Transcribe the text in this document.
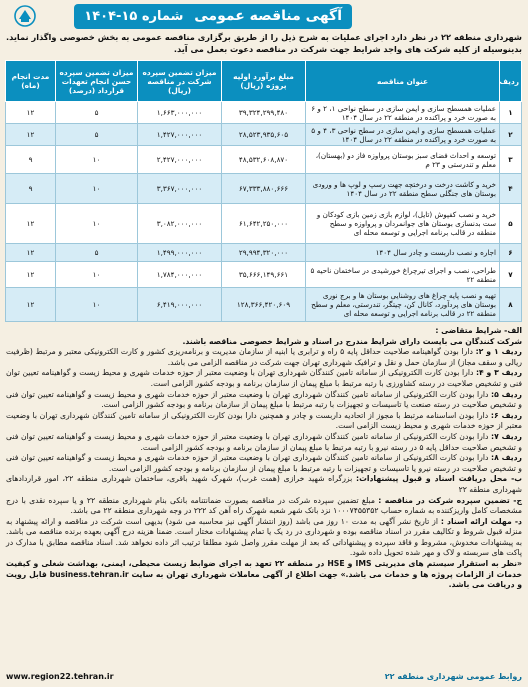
آگهی مناقصه عمومی شماره ۱۵-۱۴۰۴
شهرداری منطقه ۲۲ در نظر دارد اجرای عملیات به شرح ذیل را از طریق برگزاری مناقصه عمومی به بخش خصوصی واگذار نماید. بدینوسیله از کلیه شرکت های واجد شرایط جهت شرکت در مناقصه دعوت بعمل می آید.
ردیف	عنوان مناقصه	مبلغ برآورد اولیه پروژه (ریال)	میزان تضمین سپرده شرکت در مناقصه (ریال)	میزان تضمین سپرده حسن انجام تعهدات قرارداد (درصد)	مدت انجام (ماه)
۱	عملیات همسطح سازی و ایمن سازی در سطح نواحی ۱، ۲ و ۶ به صورت خرد و پراکنده در منطقه ۲۲ در سال ۱۴۰۴	۳۹,۳۲۴,۲۹۹,۴۸۰	۱,۶۶۳,۰۰۰,۰۰۰	۵	۱۲
۲	عملیات همسطح سازی و ایمن سازی در سطح نواحی ۳، ۴ و ۵ به صورت خرد و پراکنده در منطقه ۲۲ در سال ۱۴۰۴	۲۸,۵۲۳,۹۳۵,۶۰۵	۱,۴۲۷,۰۰۰,۰۰۰	۵	۱۲
۳	توسعه و احداث فضای سبز بوستان پرواوزه فاز دو (بهستان)، معلم و تندرستی و ۲۳ م	۴۸,۵۳۲,۶۰۸,۸۷۰	۲,۴۲۷,۰۰۰,۰۰۰	۱۰	۹
۴	خرید و کاشت درخت و درختچه جهت رسپ و لوپ ها و ورودی بوستان های جنگلی سطح منطقه ۲۲ در سال ۱۴۰۴	۶۷,۳۳۳,۸۸۰,۶۶۶	۳,۳۶۷,۰۰۰,۰۰۰	۱۰	۹
۵	خرید و نصب کفپوش (تایل)، لوازم بازی زمین بازی کودکان و ست بدنسازی بوستان های جوانمردان و پرواوزه و سطح منطقه در قالب برنامه اجرایی و توسعه محله ای	۶۱,۶۴۲,۲۵۰,۰۰۰	۳,۰۸۲,۰۰۰,۰۰۰	۱۰	۱۲
۶	اجاره و نصب داربست و چادر سال ۱۴۰۴	۲۹,۹۹۴,۳۲۰,۰۰۰	۱,۴۹۹,۰۰۰,۰۰۰	۵	۱۲
۷	طراحی، نصب و اجرای تیرچراغ خورشیدی در ساختمان ناحیه ۵ منطقه ۲۲	۳۵,۶۶۶,۱۴۹,۶۶۱	۱,۷۸۴,۰۰۰,۰۰۰	۱۰	۱۲
۸	تهیه و نصب پایه چراغ های روشنایی بوستان ها و برج نوری بوستان های پردآورد، کانال کن، چیتگر، تندرستی، معلم و سطح منطقه ۲۲ در قالب برنامه اجرایی و توسعه محله ای	۱۲۸,۳۶۶,۴۲۰,۶۰۹	۶,۴۱۹,۰۰۰,۰۰۰	۱۰	۱۲

الف- شرایط متقاضی :

شرکت کنندگان می بایست دارای شرایط مندرج در اسناد و شرایط خصوصی مناقصه باشند.

ردیف ۱ و ۲: دارا بودن گواهینامه صلاحیت حداقل پایه ۵ راه و ترابری یا ابنیه از سازمان مدیریت و برنامه‌ریزی کشور و کارت الکترونیکی معتبر و مرتبط (ظرفیت ریالی و سقف مجاز) از سازمان حمل و نقل و ترافیک شهرداری تهران جهت شرکت در مناقصه الزامی می باشد.

ردیف ۳ و ۴: دارا بودن کارت الکترونیکی از سامانه تامین کنندگان شهرداری تهران با وضعیت معتبر از حوزه خدمات شهری و محیط زیست و گواهینامه تعیین توان فنی و تشخیص صلاحیت در رسته کشاورزی با رتبه مرتبط با مبلغ پیمان از سازمان برنامه و بودجه کشور الزامی است.

ردیف ۵: دارا بودن کارت الکترونیکی از سامانه تامین کنندگان شهرداری تهران با وضعیت معتبر از حوزه خدمات شهری و محیط زیست و گواهینامه تعیین توان فنی و تشخیص صلاحیت در رسته صنعت یا تاسیسات و تجهیزات با رتبه مرتبط با مبلغ پیمان از سازمان برنامه و بودجه کشور الزامی است.

ردیف ۶: دارا بودن اساسنامه مرتبط با مجوز از اتحادیه داربست و چادر و همچنین دارا بودن کارت الکترونیکی از سامانه تامین کنندگان شهرداری تهران با وضعیت معتبر از حوزه خدمات شهری و محیط زیست الزامی است.

ردیف ۷: دارا بودن کارت الکترونیکی از سامانه تامین کنندگان شهرداری تهران با وضعیت معتبر از حوزه خدمات شهری و محیط زیست و گواهینامه تعیین توان فنی و تشخیص صلاحیت حداقل پایه ۵ در رسته نیرو با رتبه مرتبط با مبلغ پیمان از سازمان برنامه و بودجه کشور الزامی است.

ردیف ۸: دارا بودن کارت الکترونیکی از سامانه تامین کنندگان شهرداری تهران با وضعیت معتبر از حوزه خدمات شهری و محیط زیست و گواهینامه تعیین توان فنی و تشخیص صلاحیت در رسته نیرو یا تاسیسات و تجهیزات با رتبه مرتبط با مبلغ پیمان از سازمان برنامه و بودجه کشور الزامی است.

ب- محل دریافت اسناد و قبول پیشنهادات: بزرگراه شهید خرازی (همت غرب)، شهرک شهید باقری، ساختمان شهرداری منطقه ۲۲، امور قراردادهای شهرداری منطقه ۲۲

ج- تضمین سپرده شرکت در مناقصه : مبلغ تضمین سپرده شرکت در مناقصه بصورت ضمانتنامه بانکی بنام شهرداری منطقه ۲۲ و یا سپرده نقدی با درج مشخصات کامل واریزکننده به شماره حساب ۱۰۰۰۷۴۵۵۳۵۲ نزد بانک شهر شعبه شهرک راه آهن کد ۲۲۲ در وجه شهرداری منطقه ۲۲ می باشد.

د- مهلت ارائه اسناد : از تاریخ نشر آگهی به مدت ۱۰ روز می باشد (روز انتشار آگهی نیز محاسبه می شود) بدیهی است شرکت در مناقصه و ارائه پیشنهاد به منزله قبول شروط و تکالیف مقرر در اسناد مناقصه بوده و شهرداری در رد یک یا تمام پیشنهادات مختار است. ضمنا هزینه درج آگهی بعهده برنده مناقصه می باشد. به پیشنهادات مخدوش، مشروط و فاقد سپرده و پیشنهاداتی که بعد از مهلت مقرر واصل شود مطلقا ترتیب اثر داده نخواهد شد. اسناد مناقصه مطابق با مدارک در پاکت های سربسته و لاک و مهر شده تحویل داده شود.

«نظر به استقرار سیستم های مدیریتی IMS و HSE در منطقه ۲۲ تعهد به اجرای ضوابط زیست محیطی، ایمنی، بهداشت شغلی و کیفیت خدمات از الزامات پروژه ها و خدمات می باشد.» جهت اطلاع از آگهی معاملات شهرداری تهران به سایت business.tehran.ir قابل رویت و دریافت می باشد.

روابط عمومی شهرداری منطقه ۲۲
www.region22.tehran.ir
